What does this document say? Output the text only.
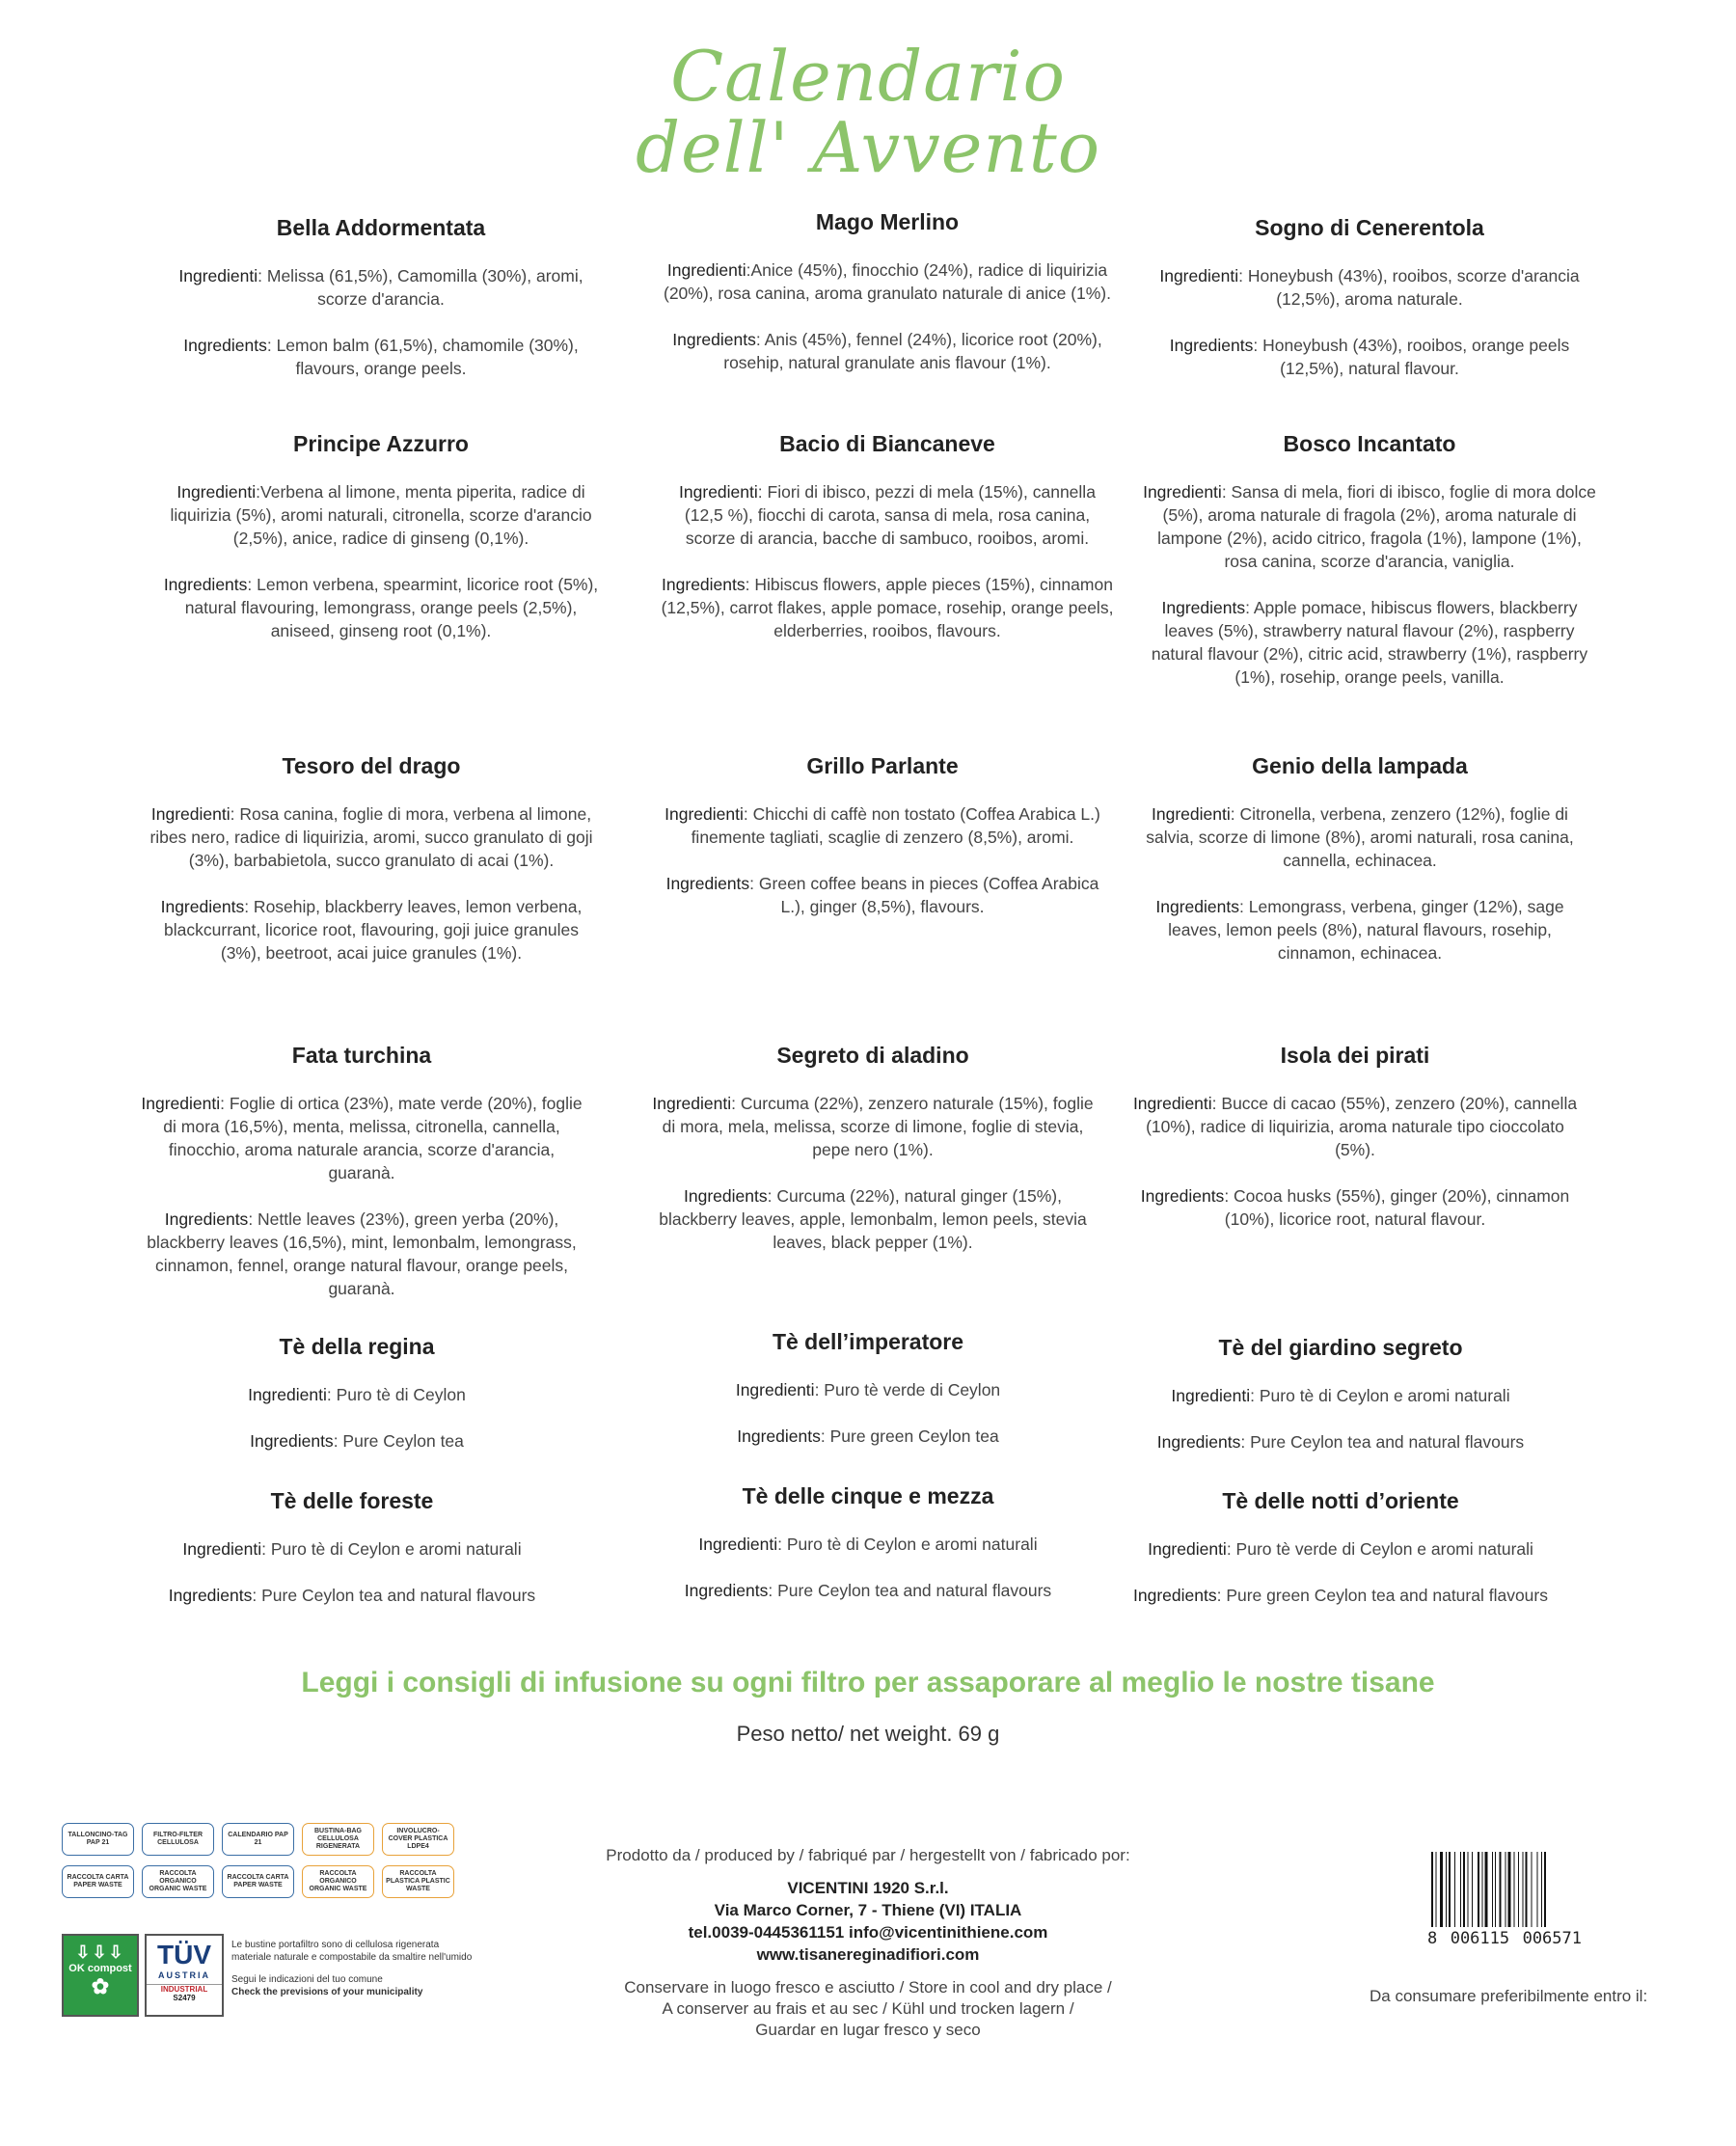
Calendario
dell' Avvento
Bella Addormentata

Ingredienti: Melissa (61,5%), Camomilla (30%), aromi, scorze d'arancia.

Ingredients: Lemon balm (61,5%), chamomile (30%), flavours, orange peels.

Mago Merlino

Ingredienti:Anice (45%), finocchio (24%), radice di liquirizia (20%), rosa canina, aroma granulato naturale di anice (1%).

Ingredients: Anis (45%), fennel (24%), licorice root (20%), rosehip, natural granulate anis flavour (1%).

Sogno di Cenerentola

Ingredienti: Honeybush (43%), rooibos, scorze d'arancia (12,5%), aroma naturale.

Ingredients: Honeybush (43%), rooibos, orange peels (12,5%), natural flavour.

Principe Azzurro

Ingredienti:Verbena al limone, menta piperita, radice di liquirizia (5%), aromi naturali, citronella, scorze d'arancio (2,5%), anice, radice di ginseng (0,1%).

Ingredients: Lemon verbena, spearmint, licorice root (5%), natural flavouring, lemongrass, orange peels (2,5%), aniseed, ginseng root (0,1%).

Bacio di Biancaneve

Ingredienti: Fiori di ibisco, pezzi di mela (15%), cannella (12,5 %), fiocchi di carota, sansa di mela, rosa canina, scorze di arancia, bacche di sambuco, rooibos, aromi.

Ingredients: Hibiscus flowers, apple pieces (15%), cinnamon (12,5%), carrot flakes, apple pomace, rosehip, orange peels, elderberries, rooibos, flavours.

Bosco Incantato

Ingredienti: Sansa di mela, fiori di ibisco, foglie di mora dolce (5%), aroma naturale di fragola (2%), aroma naturale di lampone (2%), acido citrico, fragola (1%), lampone (1%), rosa canina, scorze d'arancia, vaniglia.

Ingredients: Apple pomace, hibiscus flowers, blackberry leaves (5%), strawberry natural flavour (2%), raspberry natural flavour (2%), citric acid, strawberry (1%), raspberry (1%), rosehip, orange peels, vanilla.

Tesoro del drago

Ingredienti: Rosa canina, foglie di mora, verbena al limone, ribes nero, radice di liquirizia, aromi, succo granulato di goji (3%), barbabietola, succo granulato di acai (1%).

Ingredients: Rosehip, blackberry leaves, lemon verbena, blackcurrant, licorice root, flavouring, goji juice granules (3%), beetroot, acai juice granules (1%).

Grillo Parlante

Ingredienti: Chicchi di caffè non tostato (Coffea Arabica L.) finemente tagliati, scaglie di zenzero (8,5%), aromi.

Ingredients: Green coffee beans in pieces (Coffea Arabica L.), ginger (8,5%), flavours.

Genio della lampada

Ingredienti: Citronella, verbena, zenzero (12%), foglie di salvia, scorze di limone (8%), aromi naturali, rosa canina, cannella, echinacea.

Ingredients: Lemongrass, verbena, ginger (12%), sage leaves, lemon peels (8%), natural flavours, rosehip, cinnamon, echinacea.

Fata turchina

Ingredienti: Foglie di ortica (23%), mate verde (20%), foglie di mora (16,5%), menta, melissa, citronella, cannella, finocchio, aroma naturale arancia, scorze d'arancia, guaranà.

Ingredients: Nettle leaves (23%), green yerba (20%), blackberry leaves (16,5%), mint, lemonbalm, lemongrass, cinnamon, fennel, orange natural flavour, orange peels, guaranà.

Segreto di aladino

Ingredienti: Curcuma (22%), zenzero naturale (15%), foglie di mora, mela, melissa, scorze di limone, foglie di stevia, pepe nero (1%).

Ingredients: Curcuma (22%), natural ginger (15%), blackberry leaves, apple, lemonbalm, lemon peels, stevia leaves, black pepper (1%).

Isola dei pirati

Ingredienti: Bucce di cacao (55%), zenzero (20%), cannella (10%), radice di liquirizia, aroma naturale tipo cioccolato (5%).

Ingredients: Cocoa husks (55%), ginger (20%), cinnamon (10%), licorice root, natural flavour.

Tè della regina

Ingredienti: Puro tè di Ceylon

Ingredients: Pure Ceylon tea

Tè dell’imperatore

Ingredienti: Puro tè verde di Ceylon

Ingredients: Pure green Ceylon tea

Tè del giardino segreto

Ingredienti: Puro tè di Ceylon e aromi naturali

Ingredients: Pure Ceylon tea and natural flavours

Tè delle foreste

Ingredienti: Puro tè di Ceylon e aromi naturali

Ingredients: Pure Ceylon tea and natural flavours

Tè delle cinque e mezza

Ingredienti: Puro tè di Ceylon e aromi naturali

Ingredients: Pure Ceylon tea and natural flavours

Tè delle notti d’oriente

Ingredienti: Puro tè verde di Ceylon e aromi naturali

Ingredients: Pure green Ceylon tea and natural flavours

Leggi i consigli di infusione su ogni filtro per assaporare al meglio le nostre tisane
Peso netto/ net weight. 69 g
TALLONCINO-TAG PAP 21
FILTRO-FILTER CELLULOSA
CALENDARIO PAP 21
BUSTINA-BAG CELLULOSA RIGENERATA
INVOLUCRO-COVER PLASTICA LDPE4
RACCOLTA CARTA PAPER WASTE
RACCOLTA ORGANICO ORGANIC WASTE
RACCOLTA CARTA PAPER WASTE
RACCOLTA ORGANICO ORGANIC WASTE
RACCOLTA PLASTICA PLASTIC WASTE
⇩⇩⇩
OK compost
✿
TÜV
AUSTRIA
INDUSTRIAL
S2479
Le bustine portafiltro sono di cellulosa rigenerata materiale naturale e compostabile da smaltire nell'umido
Segui le indicazioni del tuo comune
Check the previsions of your municipality
Prodotto da / produced by / fabriqué par / hergestellt von / fabricado por:
VICENTINI 1920 S.r.l.
Via Marco Corner, 7 - Thiene (VI) ITALIA
tel.0039-0445361151 info@vicentinithiene.com
www.tisanereginadifiori.com
Conservare in luogo fresco e asciutto / Store in cool and dry place /
A conserver au frais et au sec / Kühl und trocken lagern /
Guardar en lugar fresco y seco
8 006115 006571
Da consumare preferibilmente entro il:
